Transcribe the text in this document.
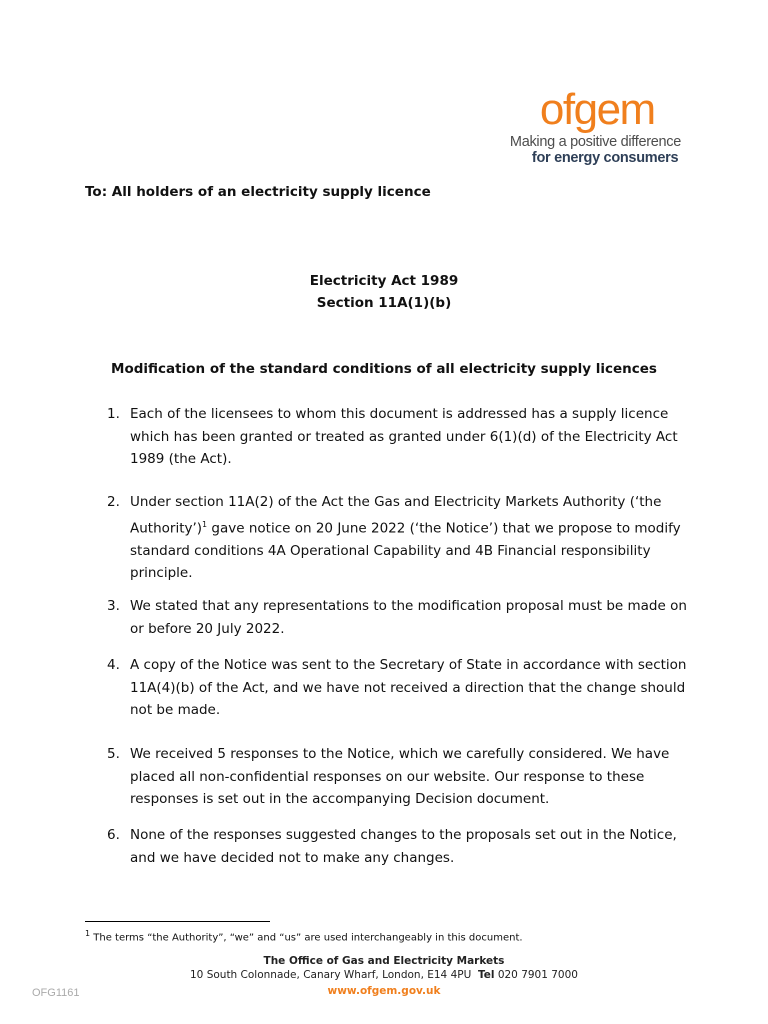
ofgem
Making a positive difference
for energy consumers
To: All holders of an electricity supply licence
Electricity Act 1989
Section 11A(1)(b)
Modification of the standard conditions of all electricity supply licences
1. Each of the licensees to whom this document is addressed has a supply licence which has been granted or treated as granted under 6(1)(d) of the Electricity Act 1989 (the Act).
2. Under section 11A(2) of the Act the Gas and Electricity Markets Authority (‘the Authority’)$^1$ gave notice on 20 June 2022 (‘the Notice’) that we propose to modify standard conditions 4A Operational Capability and 4B Financial responsibility principle.
3. We stated that any representations to the modification proposal must be made on or before 20 July 2022.
4. A copy of the Notice was sent to the Secretary of State in accordance with section 11A(4)(b) of the Act, and we have not received a direction that the change should not be made.
5. We received 5 responses to the Notice, which we carefully considered. We have placed all non-confidential responses on our website. Our response to these responses is set out in the accompanying Decision document.
6. None of the responses suggested changes to the proposals set out in the Notice, and we have decided not to make any changes.
$^1$ The terms “the Authority”, “we” and “us” are used interchangeably in this document.
The Office of Gas and Electricity Markets
10 South Colonnade, Canary Wharf, London, E14 4PU Tel 020 7901 7000
www.ofgem.gov.uk
OFG1161
